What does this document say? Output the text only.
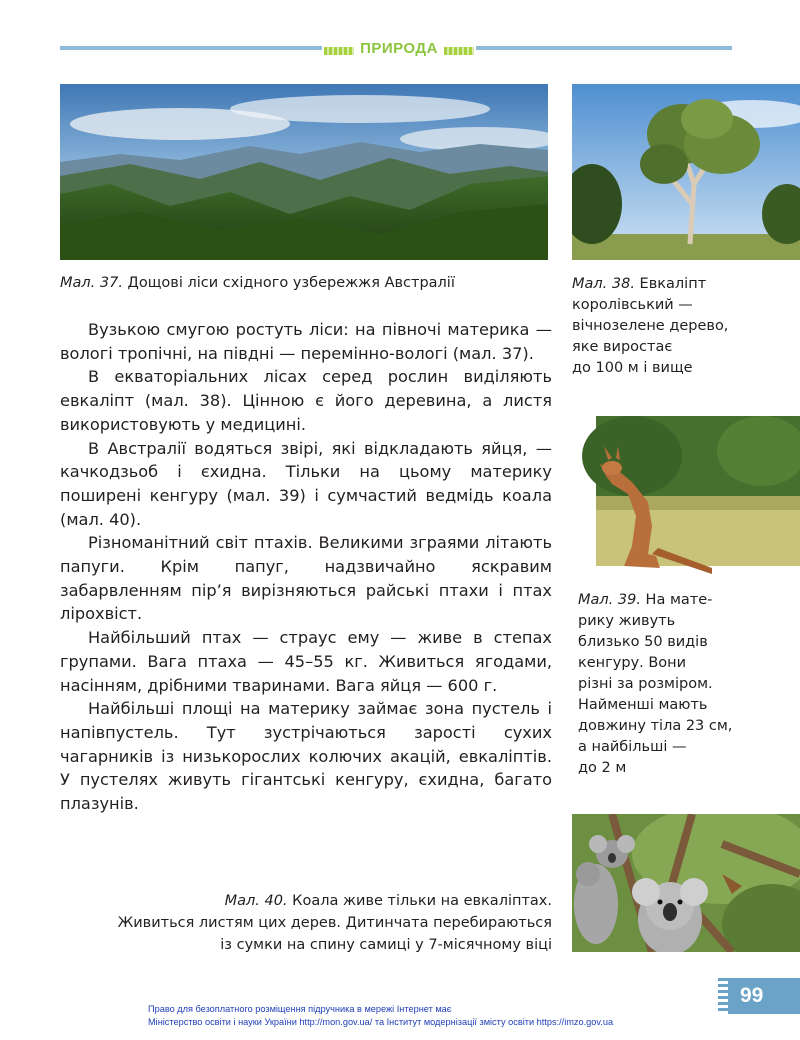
ПРИРОДА
Мал. 37. Дощові ліси східного узбережжя Австралії	Мал. 38. Евкаліпт
королівський —
вічнозелене дерево,
яке виростає
до 100 м і вище
Мал. 39. На мате-
рику живуть
близько 50 видів
кенгуру. Вони
різні за розміром.
Найменші мають
довжину тіла 23 см,
а найбільші —
до 2 м

Вузькою смугою ростуть ліси: на півночі материка — вологі тропічні, на півдні — перемінно-вологі (мал. 37).

В екваторіальних лісах серед рослин виділяють евкаліпт (мал. 38). Цінною є його деревина, а листя використовують у медицині.

В Австралії водяться звірі, які відкладають яйця, — качкодзьоб і єхидна. Тільки на цьому материку поширені кенгуру (мал. 39) і сумчастий ведмідь коала (мал. 40).

Різноманітний світ птахів. Великими зграями літають папуги. Крім папуг, надзвичайно яскравим забарвленням пір’я вирізняються райські птахи і птах лірохвіст.

Найбільший птах — страус ему — живе в степах групами. Вага птаха — 45–55 кг. Живиться ягодами, насінням, дрібними тваринами. Вага яйця — 600 г.

Найбільші площі на материку займає зона пустель і напівпустель. Тут зустрічаються зарості сухих чагарників із низькорослих колючих акацій, евкаліптів. У пустелях живуть гігантські кенгуру, єхидна, багато плазунів.

Мал. 40. Коала живе тільки на евкаліптах.
Живиться листям цих дерев. Дитинчата перебираються
із сумки на спину самиці у 7-місячному віці
99
Право для безоплатного розміщення підручника в мережі Інтернет має
Міністерство освіти і науки України http://mon.gov.ua/ та Інститут модернізації змісту освіти https://imzo.gov.ua
